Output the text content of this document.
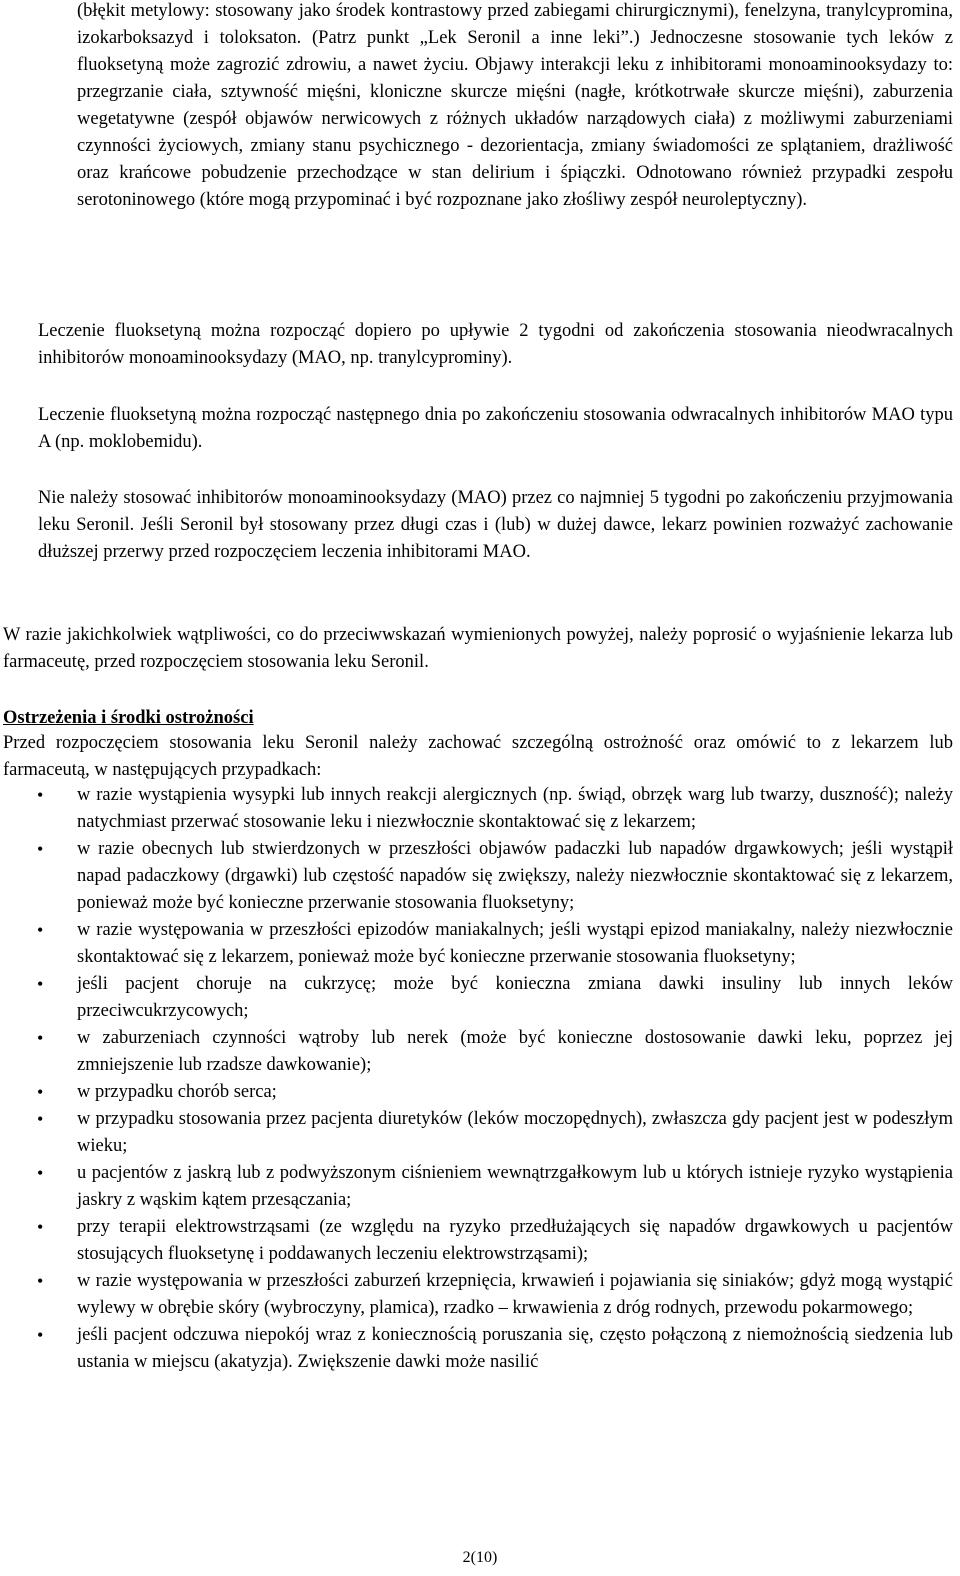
(błękit metylowy: stosowany jako środek kontrastowy przed zabiegami chirurgicznymi), fenelzyna, tranylcypromina, izokarboksazyd i toloksaton. (Patrz punkt „Lek Seronil a inne leki”.) Jednoczesne stosowanie tych leków z fluoksetyną może zagrozić zdrowiu, a nawet życiu. Objawy interakcji leku z inhibitorami monoaminooksydazy to: przegrzanie ciała, sztywność mięśni, kloniczne skurcze mięśni (nagłe, krótkotrwałe skurcze mięśni), zaburzenia wegetatywne (zespół objawów nerwicowych z różnych układów narządowych ciała) z możliwymi zaburzeniami czynności życiowych, zmiany stanu psychicznego - dezorientacja, zmiany świadomości ze splątaniem, drażliwość oraz krańcowe pobudzenie przechodzące w stan delirium i śpiączki. Odnotowano również przypadki zespołu serotoninowego (które mogą przypominać i być rozpoznane jako złośliwy zespół neuroleptyczny).

Leczenie fluoksetyną można rozpocząć dopiero po upływie 2 tygodni od zakończenia stosowania nieodwracalnych inhibitorów monoaminooksydazy (MAO, np. tranylcyprominy).

Leczenie fluoksetyną można rozpocząć następnego dnia po zakończeniu stosowania odwracalnych inhibitorów MAO typu A (np. moklobemidu).

Nie należy stosować inhibitorów monoaminooksydazy (MAO) przez co najmniej 5 tygodni po zakończeniu przyjmowania leku Seronil. Jeśli Seronil był stosowany przez długi czas i (lub) w dużej dawce, lekarz powinien rozważyć zachowanie dłuższej przerwy przed rozpoczęciem leczenia inhibitorami MAO.

W razie jakichkolwiek wątpliwości, co do przeciwwskazań wymienionych powyżej, należy poprosić o wyjaśnienie lekarza lub farmaceutę, przed rozpoczęciem stosowania leku Seronil.

Ostrzeżenia i środki ostrożności

Przed rozpoczęciem stosowania leku Seronil należy zachować szczególną ostrożność oraz omówić to z lekarzem lub farmaceutą, w następujących przypadkach:

• w razie wystąpienia wysypki lub innych reakcji alergicznych (np. świąd, obrzęk warg lub twarzy, duszność); należy natychmiast przerwać stosowanie leku i niezwłocznie skontaktować się z lekarzem;
• w razie obecnych lub stwierdzonych w przeszłości objawów padaczki lub napadów drgawkowych; jeśli wystąpił napad padaczkowy (drgawki) lub częstość napadów się zwiększy, należy niezwłocznie skontaktować się z lekarzem, ponieważ może być konieczne przerwanie stosowania fluoksetyny;
• w razie występowania w przeszłości epizodów maniakalnych; jeśli wystąpi epizod maniakalny, należy niezwłocznie skontaktować się z lekarzem, ponieważ może być konieczne przerwanie stosowania fluoksetyny;
• jeśli pacjent choruje na cukrzycę; może być konieczna zmiana dawki insuliny lub innych leków przeciwcukrzycowych;
• w zaburzeniach czynności wątroby lub nerek (może być konieczne dostosowanie dawki leku, poprzez jej zmniejszenie lub rzadsze dawkowanie);
• w przypadku chorób serca;
• w przypadku stosowania przez pacjenta diuretyków (leków moczopędnych), zwłaszcza gdy pacjent jest w podeszłym wieku;
• u pacjentów z jaskrą lub z podwyższonym ciśnieniem wewnątrzgałkowym lub u których istnieje ryzyko wystąpienia jaskry z wąskim kątem przesączania;
• przy terapii elektrowstrząsami (ze względu na ryzyko przedłużających się napadów drgawkowych u pacjentów stosujących fluoksetynę i poddawanych leczeniu elektrowstrząsami);
• w razie występowania w przeszłości zaburzeń krzepnięcia, krwawień i pojawiania się siniaków; gdyż mogą wystąpić wylewy w obrębie skóry (wybroczyny, plamica), rzadko – krwawienia z dróg rodnych, przewodu pokarmowego;
• jeśli pacjent odczuwa niepokój wraz z koniecznością poruszania się, często połączoną z niemożnością siedzenia lub ustania w miejscu (akatyzja). Zwiększenie dawki może nasilić
2(10)
